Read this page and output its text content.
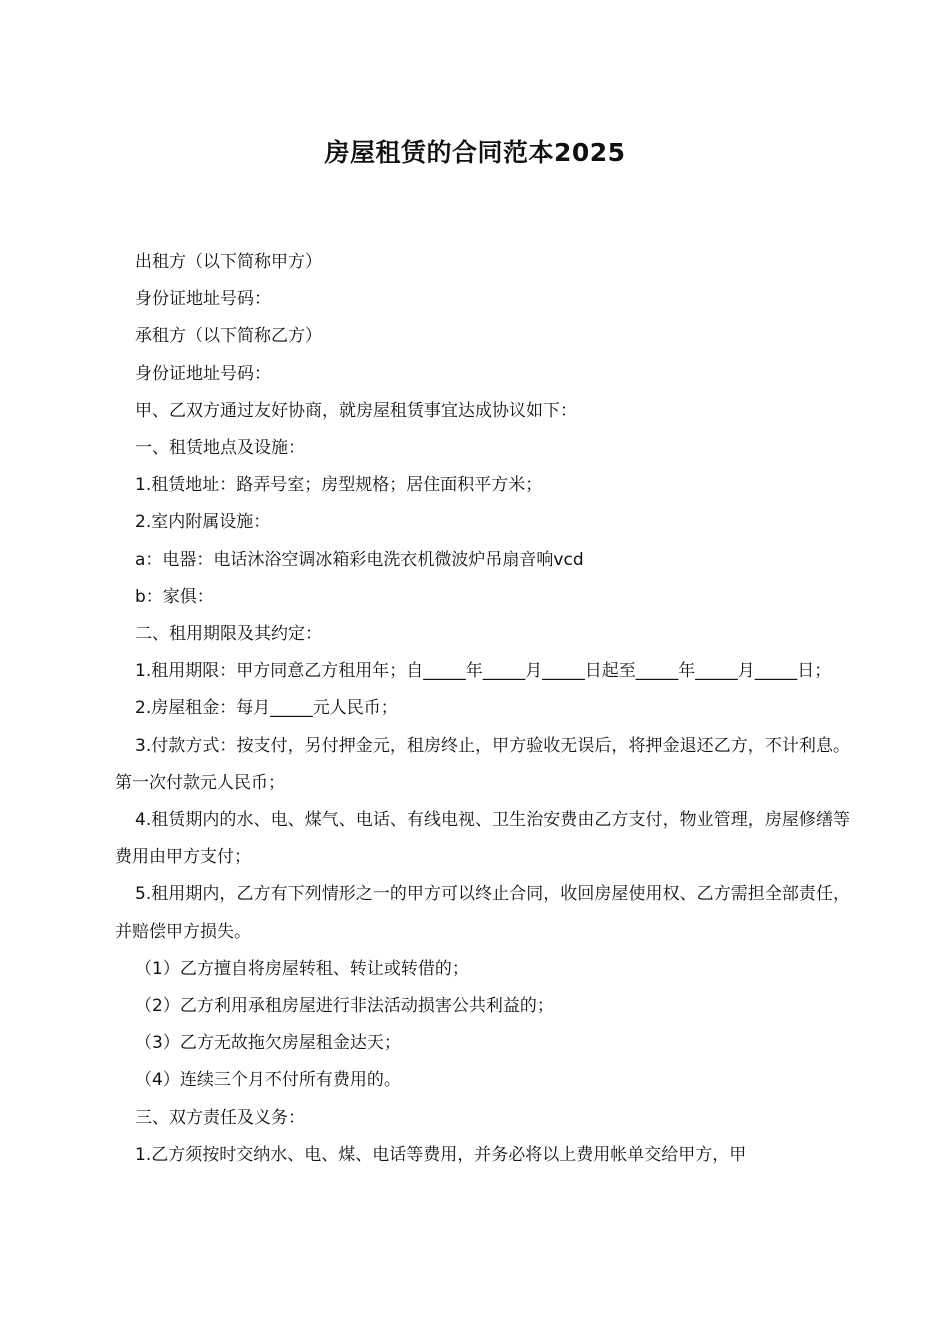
房屋租赁的合同范本2025

出租方（以下简称甲方）

身份证地址号码：

承租方（以下简称乙方）

身份证地址号码：

甲、乙双方通过友好协商，就房屋租赁事宜达成协议如下：

一、租赁地点及设施：

1.租赁地址：路弄号室；房型规格；居住面积平方米；

2.室内附属设施：

a：电器：电话沐浴空调冰箱彩电洗衣机微波炉吊扇音响vcd

b：家俱：

二、租用期限及其约定：

1.租用期限：甲方同意乙方租用年；自_____年_____月_____日起至_____年_____月_____日；

2.房屋租金：每月_____元人民币；

3.付款方式：按支付，另付押金元，租房终止，甲方验收无误后，将押金退还乙方，不计利息。第一次付款元人民币；

4.租赁期内的水、电、煤气、电话、有线电视、卫生治安费由乙方支付，物业管理，房屋修缮等费用由甲方支付；

5.租用期内，乙方有下列情形之一的甲方可以终止合同，收回房屋使用权、乙方需担全部责任，并赔偿甲方损失。

（1）乙方擅自将房屋转租、转让或转借的；

（2）乙方利用承租房屋进行非法活动损害公共利益的；

（3）乙方无故拖欠房屋租金达天；

（4）连续三个月不付所有费用的。

三、双方责任及义务：

1.乙方须按时交纳水、电、煤、电话等费用，并务必将以上费用帐单交给甲方，甲
